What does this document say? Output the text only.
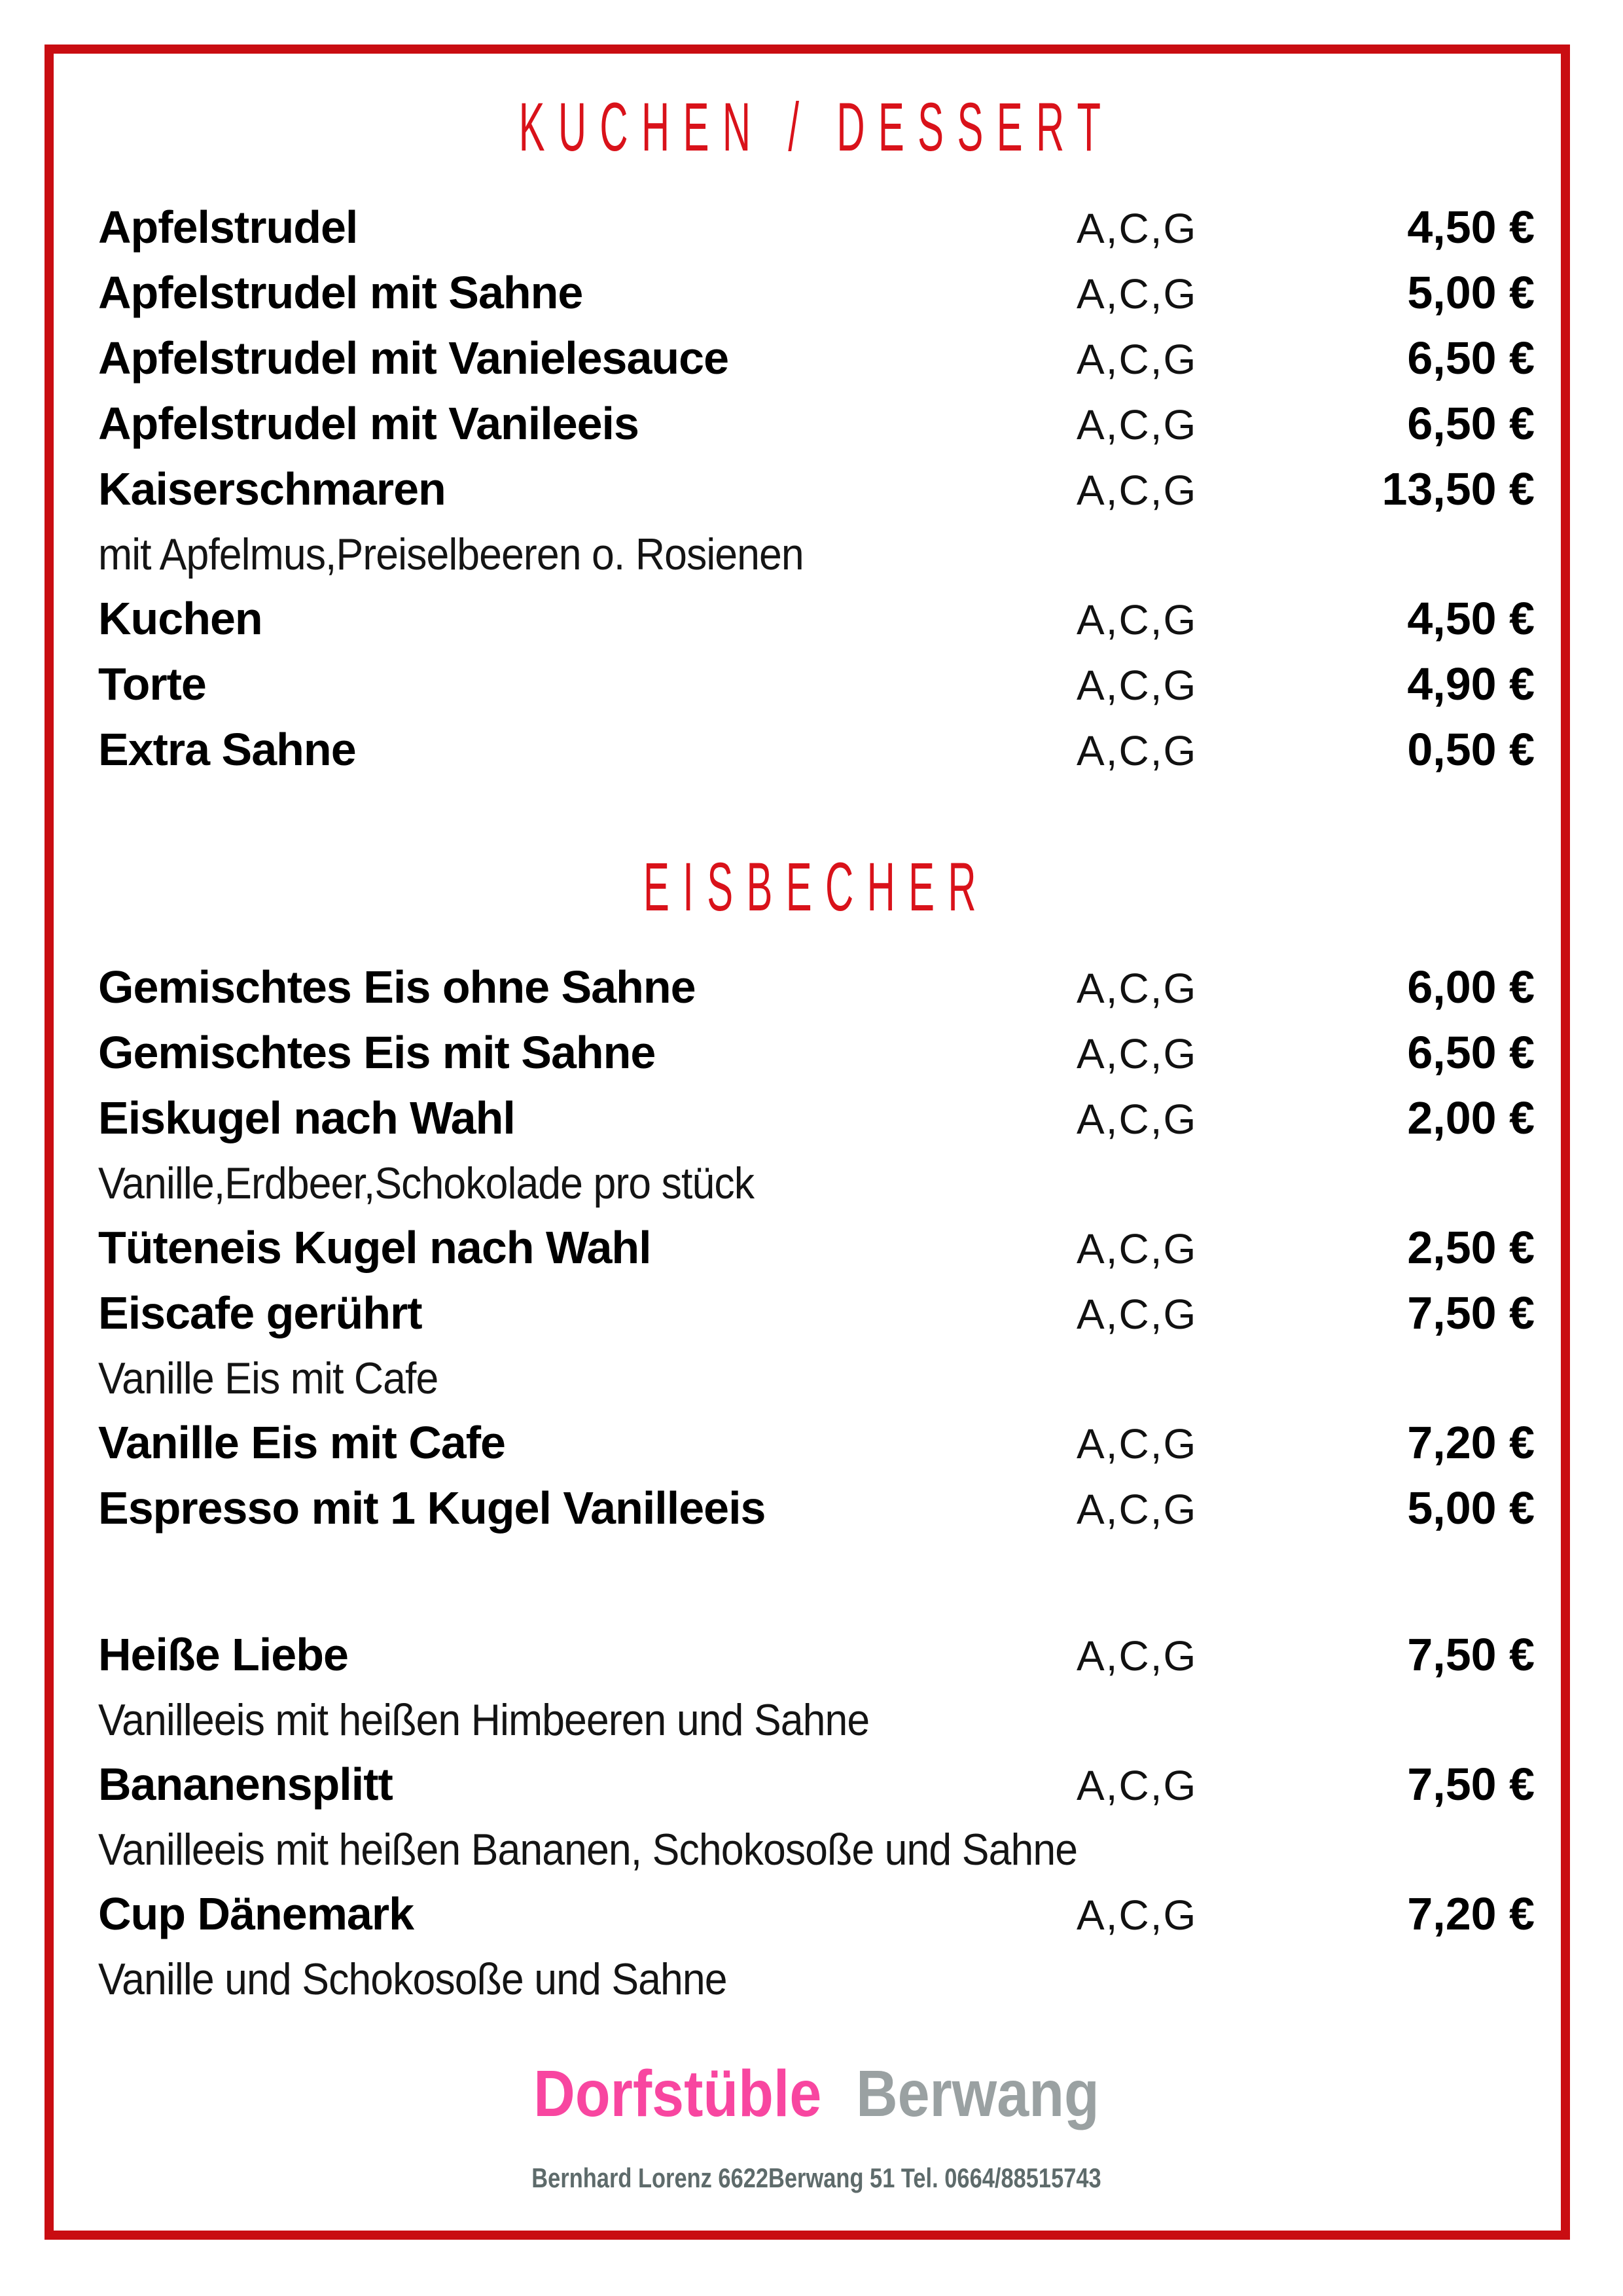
KUCHEN / DESSERT
Apfelstrudel	A,C,G	4,50 €
Apfelstrudel mit Sahne	A,C,G	5,00 €
Apfelstrudel mit Vanielesauce	A,C,G	6,50 €
Apfelstrudel mit Vanileeis	A,C,G	6,50 €
Kaiserschmaren	A,C,G	13,50 €
mit Apfelmus,Preiselbeeren o. Rosienen
Kuchen	A,C,G	4,50 €
Torte	A,C,G	4,90 €
Extra Sahne	A,C,G	0,50 €
EISBECHER
Gemischtes Eis ohne Sahne	A,C,G	6,00 €
Gemischtes Eis mit Sahne	A,C,G	6,50 €
Eiskugel nach Wahl	A,C,G	2,00 €
Vanille,Erdbeer,Schokolade pro stück
Tüteneis Kugel nach Wahl	A,C,G	2,50 €
Eiscafe gerührt	A,C,G	7,50 €
Vanille Eis mit Cafe
Vanille Eis mit Cafe	A,C,G	7,20 €
Espresso mit 1 Kugel Vanilleeis	A,C,G	5,00 €
Heiße Liebe	A,C,G	7,50 €
Vanilleeis mit heißen Himbeeren und Sahne
Bananensplitt	A,C,G	7,50 €
Vanilleeis mit heißen Bananen, Schokosoße und Sahne
Cup Dänemark	A,C,G	7,20 €
Vanille und Schokosoße und Sahne
Dorfstüble Berwang
Bernhard Lorenz 6622Berwang 51 Tel. 0664/88515743
